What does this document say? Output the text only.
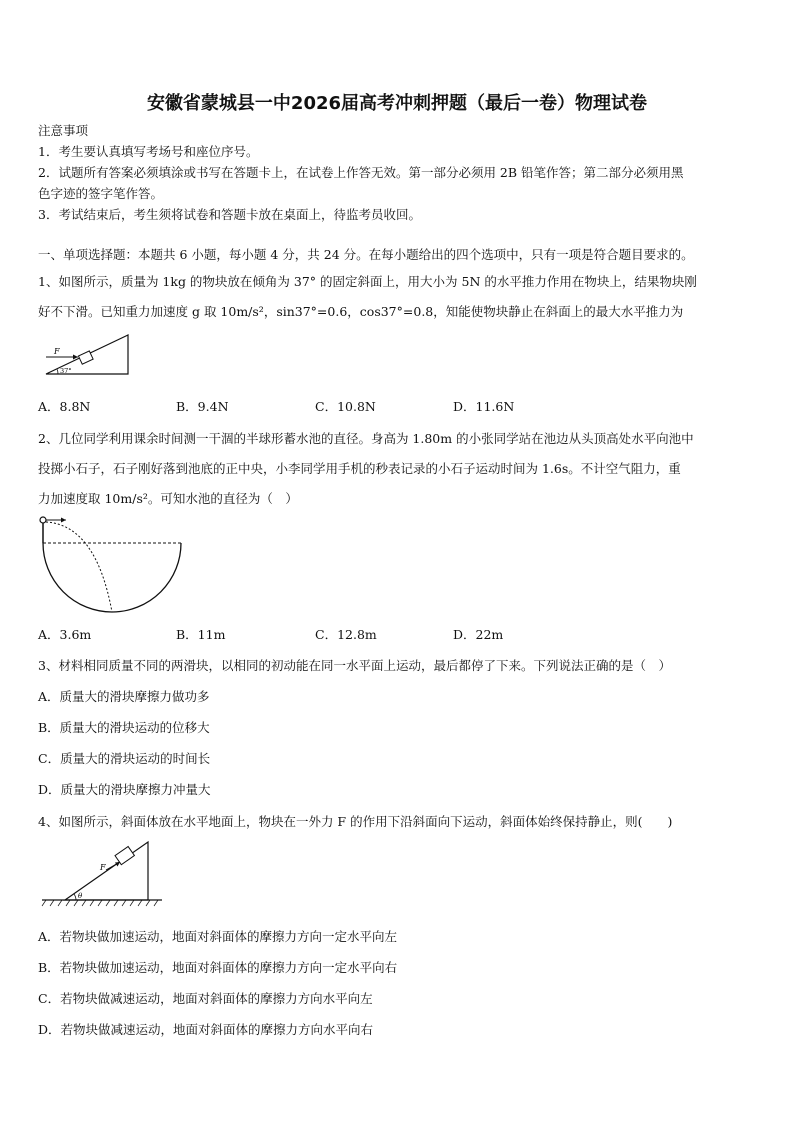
安徽省蒙城县一中2026届高考冲刺押题（最后一卷）物理试卷
注意事项
1．考生要认真填写考场号和座位序号。
2．试题所有答案必须填涂或书写在答题卡上，在试卷上作答无效。第一部分必须用 2B 铅笔作答；第二部分必须用黑
色字迹的签字笔作答。
3．考试结束后，考生须将试卷和答题卡放在桌面上，待监考员收回。
一、单项选择题：本题共 6 小题，每小题 4 分，共 24 分。在每小题给出的四个选项中，只有一项是符合题目要求的。
1、如图所示，质量为 1kg 的物块放在倾角为 37° 的固定斜面上，用大小为 5N 的水平推力作用在物块上，结果物块刚
好不下滑。已知重力加速度 g 取 10m/s²，sin37°=0.6，cos37°=0.8，知能使物块静止在斜面上的最大水平推力为
F
37°
A．8.8N	B．9.4N	C．10.8N	D．11.6N
2、几位同学利用课余时间测一干涸的半球形蓄水池的直径。身高为 1.80m 的小张同学站在池边从头顶高处水平向池中
投掷小石子，石子刚好落到池底的正中央，小李同学用手机的秒表记录的小石子运动时间为 1.6s。不计空气阻力，重
力加速度取 10m/s²。可知水池的直径为（　）
A．3.6m	B．11m	C．12.8m	D．22m
3、材料相同质量不同的两滑块，以相同的初动能在同一水平面上运动，最后都停了下来。下列说法正确的是（　）
A．质量大的滑块摩擦力做功多
B．质量大的滑块运动的位移大
C．质量大的滑块运动的时间长
D．质量大的滑块摩擦力冲量大
4、如图所示，斜面体放在水平地面上，物块在一外力 F 的作用下沿斜面向下运动，斜面体始终保持静止，则(　　)
F
θ
A．若物块做加速运动，地面对斜面体的摩擦力方向一定水平向左
B．若物块做加速运动，地面对斜面体的摩擦力方向一定水平向右
C．若物块做减速运动，地面对斜面体的摩擦力方向水平向左
D．若物块做减速运动，地面对斜面体的摩擦力方向水平向右
